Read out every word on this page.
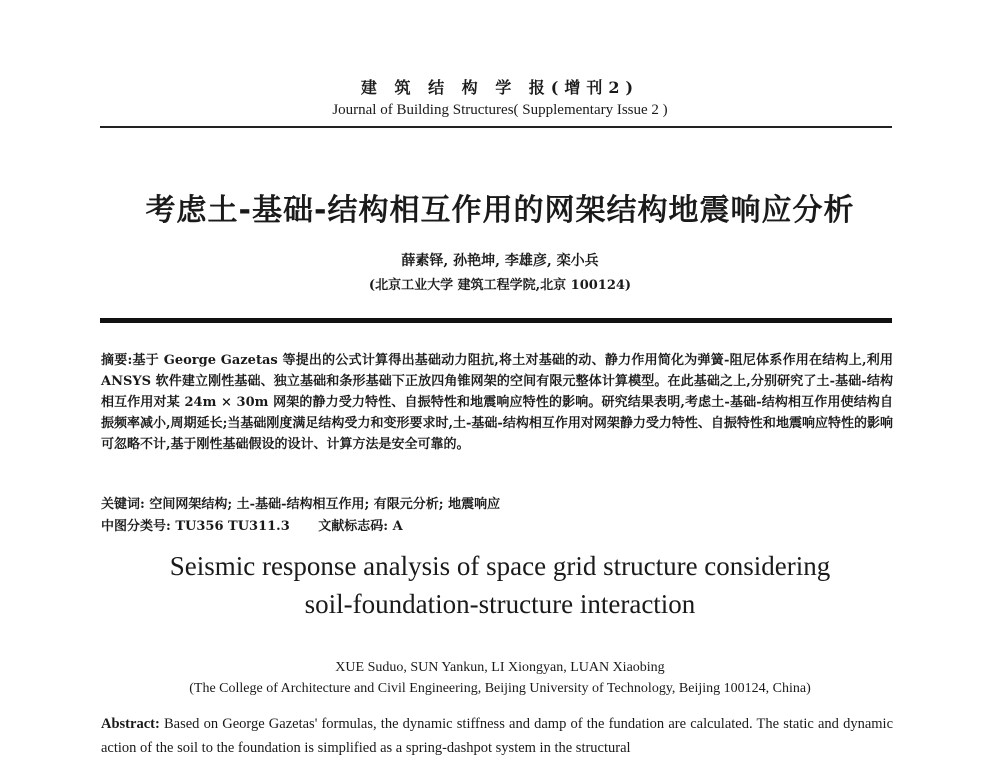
建 筑 结 构 学 报(增刊2)
Journal of Building Structures( Supplementary Issue 2 )
考虑土-基础-结构相互作用的网架结构地震响应分析
薛素铎, 孙艳坤, 李雄彦, 栾小兵
(北京工业大学 建筑工程学院,北京 100124)
摘要:基于 George Gazetas 等提出的公式计算得出基础动力阻抗,将土对基础的动、静力作用简化为弹簧-阻尼体系作用在结构上,利用 ANSYS 软件建立刚性基础、独立基础和条形基础下正放四角锥网架的空间有限元整体计算模型。在此基础之上,分别研究了土-基础-结构相互作用对某 24m × 30m 网架的静力受力特性、自振特性和地震响应特性的影响。研究结果表明,考虑土-基础-结构相互作用使结构自振频率减小,周期延长;当基础刚度满足结构受力和变形要求时,土-基础-结构相互作用对网架静力受力特性、自振特性和地震响应特性的影响可忽略不计,基于刚性基础假设的设计、计算方法是安全可靠的。
关键词: 空间网架结构; 土-基础-结构相互作用; 有限元分析; 地震响应
中图分类号: TU356 TU311.3 文献标志码: A
Seismic response analysis of space grid structure considering
soil-foundation-structure interaction
XUE Suduo, SUN Yankun, LI Xiongyan, LUAN Xiaobing
(The College of Architecture and Civil Engineering, Beijing University of Technology, Beijing 100124, China)
Abstract: Based on George Gazetas' formulas, the dynamic stiffness and damp of the fundation are calculated. The static and dynamic action of the soil to the foundation is simplified as a spring-dashpot system in the structural
